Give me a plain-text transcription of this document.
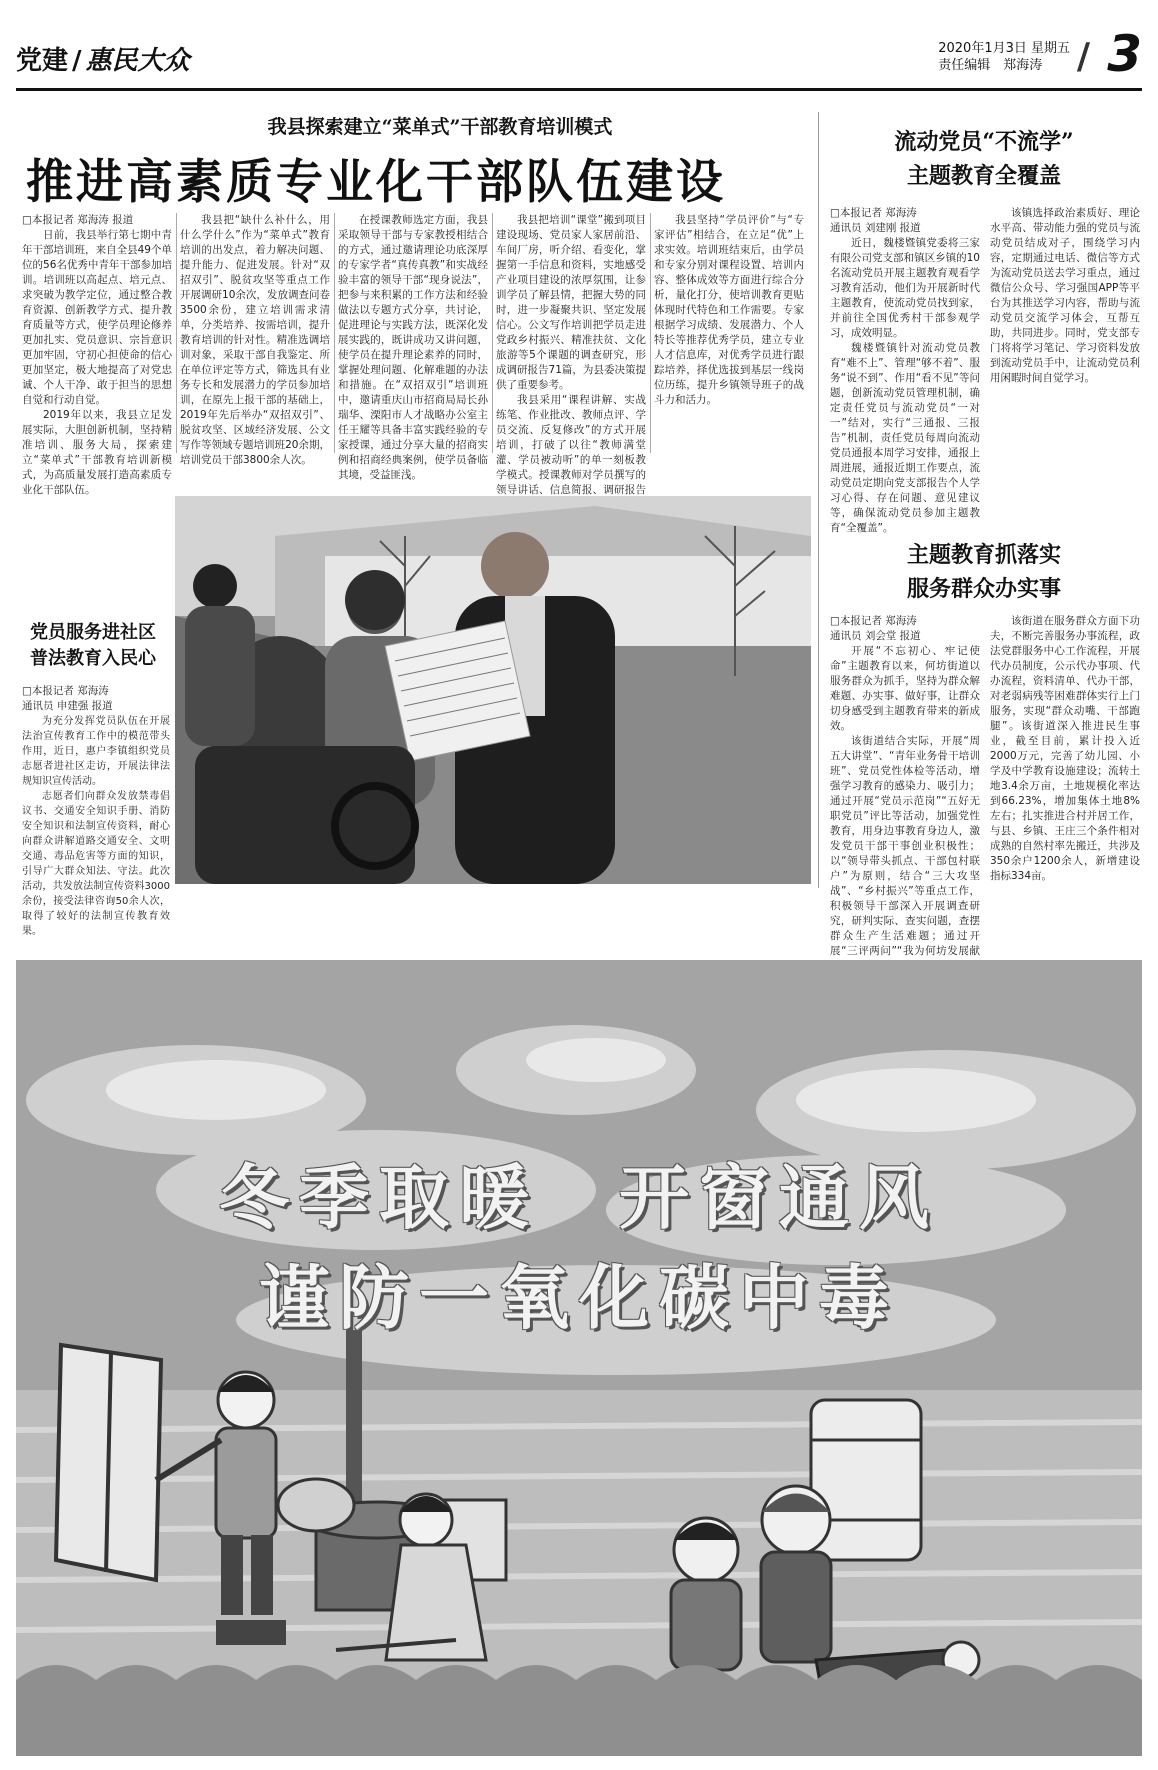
党建 / 惠民大众	2020年1月3日 星期五
责任编辑　郑海涛 / 3
我县探索建立“菜单式”干部教育培训模式
推进高素质专业化干部队伍建设
□本报记者 郑海涛 报道

日前，我县举行第七期中青年干部培训班，来自全县49个单位的56名优秀中青年干部参加培训。培训班以高起点、培元点、求突破为教学定位，通过整合教育资源、创新教学方式、提升教育质量等方式，使学员理论修养更加扎实、党员意识、宗旨意识更加牢固，守初心担使命的信心更加坚定，极大地提高了对党忠诚、个人干净、敢于担当的思想自觉和行动自觉。

2019年以来，我县立足发展实际，大胆创新机制，坚持精准培训、服务大局，探索建立“菜单式”干部教育培训新模式，为高质量发展打造高素质专业化干部队伍。

我县把“缺什么补什么，用什么学什么”作为“菜单式”教育培训的出发点，着力解决问题、提升能力、促进发展。针对“双招双引”、脱贫攻坚等重点工作开展调研10余次，发放调查问卷3500余份，建立培训需求清单，分类培养、按需培训，提升教育培训的针对性。精准选调培训对象，采取干部自我鉴定、所在单位评定等方式，筛选具有业务专长和发展潜力的学员参加培训，在原先上报干部的基础上，2019年先后举办“双招双引”、脱贫攻坚、区域经济发展、公文写作等领域专题培训班20余期，培训党员干部3800余人次。

在授课教师选定方面，我县采取领导干部与专家教授相结合的方式，通过邀请理论功底深厚的专家学者“真传真教”和实战经验丰富的领导干部“现身说法”，把参与来积累的工作方法和经验做法以专题方式分享，共讨论，促进理论与实践方法，既深化发展实践的，既讲成功又讲问题，使学员在提升理论素养的同时，掌握处理问题、化解难题的办法和措施。在“双招双引”培训班中，邀请重庆山市招商局局长孙瑞华、溧阳市人才战略办公室主任王耀等具备丰富实践经验的专家授课，通过分享大量的招商实例和招商经典案例，使学员备临其境，受益匪浅。

我县把培训“课堂”搬到项目建设现场、党员家人家居前沿、车间厂房，听介绍、看变化，掌握第一手信息和资料，实地感受产业项目建设的浓厚氛围，让参训学员了解县情，把握大势的同时，进一步凝聚共识、坚定发展信心。公文写作培训把学员走进党政乡村振兴、精准扶贫、文化旅游等5个课题的调查研究，形成调研报告71篇，为县委决策提供了重要参考。

我县采用“课程讲解、实战练笔、作业批改、教师点评、学员交流、反复修改”的方式开展培训，打破了以往“教师满堂灌、学员被动听”的单一刻板教学模式。授课教师对学员撰写的领导讲话、信息简报、调研报告

我县坚持“学员评价”与“专家评估”相结合，在立足“优”上求实效。培训班结束后，由学员和专家分别对课程设置、培训内容、整体成效等方面进行综合分析，量化打分，使培训教育更贴体现时代特色和工作需要。专家根据学习成绩、发展潜力、个人特长等推荐优秀学员，建立专业人才信息库，对优秀学员进行跟踪培养，择优选拔到基层一线岗位历练，提升乡镇领导班子的战斗力和活力。

党员服务进社区
普法教育入民心
□本报记者 郑海涛
通讯员 申建强 报道

为充分发挥党员队伍在开展法治宣传教育工作中的模范带头作用，近日，惠户李镇组织党员志愿者进社区走访，开展法律法规知识宣传活动。

志愿者们向群众发放禁毒倡议书、交通安全知识手册、消防安全知识和法制宣传资料，耐心向群众讲解道路交通安全、文明交通、毒品危害等方面的知识，引导广大群众知法、守法。此次活动，共发放法制宣传资料3000余份，接受法律咨询50余人次，取得了较好的法制宣传教育效果。

流动党员“不流学”
主题教育全覆盖
□本报记者 郑海涛
通讯员 刘建刚 报道

近日，魏楼暨镇党委将三家有限公司党支部和镇区乡镇的10名流动党员开展主题教育观看学习教育活动，他们为开展新时代主题教育，使流动党员找到家，并前往全国优秀村干部参观学习，成效明显。

魏楼暨镇针对流动党员教育“难不上”、管理“够不着”、服务“说不到”、作用“看不见”等问题，创新流动党员管理机制，确定责任党员与流动党员“一对一”结对，实行“三通报、三报告”机制，责任党员每周向流动党员通报本周学习安排，通报上周进展，通报近期工作要点，流动党员定期向党支部报告个人学习心得、存在问题、意见建议等，确保流动党员参加主题教育“全覆盖”。

该镇选择政治素质好、理论水平高、带动能力强的党员与流动党员结成对子，围绕学习内容，定期通过电话、微信等方式为流动党员送去学习重点，通过微信公众号、学习强国APP等平台为其推送学习内容，帮助与流动党员交流学习体会，互帮互助，共同进步。同时，党支部专门将将学习笔记、学习资料发放到流动党员手中，让流动党员利用闲暇时间自觉学习。

主题教育抓落实
服务群众办实事
□本报记者 郑海涛
通讯员 刘会堂 报道

开展“不忘初心、牢记使命”主题教育以来，何坊街道以服务群众为抓手，坚持为群众解难题、办实事、做好事，让群众切身感受到主题教育带来的新成效。

该街道结合实际，开展“周五大讲堂”、“青年业务骨干培训班”、党员党性体检等活动，增强学习教育的感染力、吸引力；通过开展“党员示范岗”“五好无职党员”评比等活动，加强党性教育，用身边事教育身边人，激发党员干部干事创业积极性；以“领导带头抓点、干部包村联户”为原则，结合“三大攻坚战”、“乡村振兴”等重点工作，积极领导干部深入开展调查研究，研判实际、查实问题，查摆群众生产生活难题；通过开展“三评两问”“我为何坊发展献

该街道在服务群众方面下功夫，不断完善服务办事流程，政法党群服务中心工作流程，开展代办员制度，公示代办事项、代办流程，资料清单、代办干部，对老弱病残等困难群体实行上门服务，实现“群众动嘴、干部跑腿”。该街道深入推进民生事业，截至目前，累计投入近2000万元，完善了幼儿园、小学及中学教育设施建设；流转土地3.4余万亩，土地规模化率达到66.23%，增加集体土地8%左右；扎实推进合村并居工作，与县、乡镇、王庄三个条件相对成熟的自然村率先搬迁，共涉及350余户1200余人，新增建设指标334亩。

冬季取暖　开窗通风
谨防一氧化碳中毒
